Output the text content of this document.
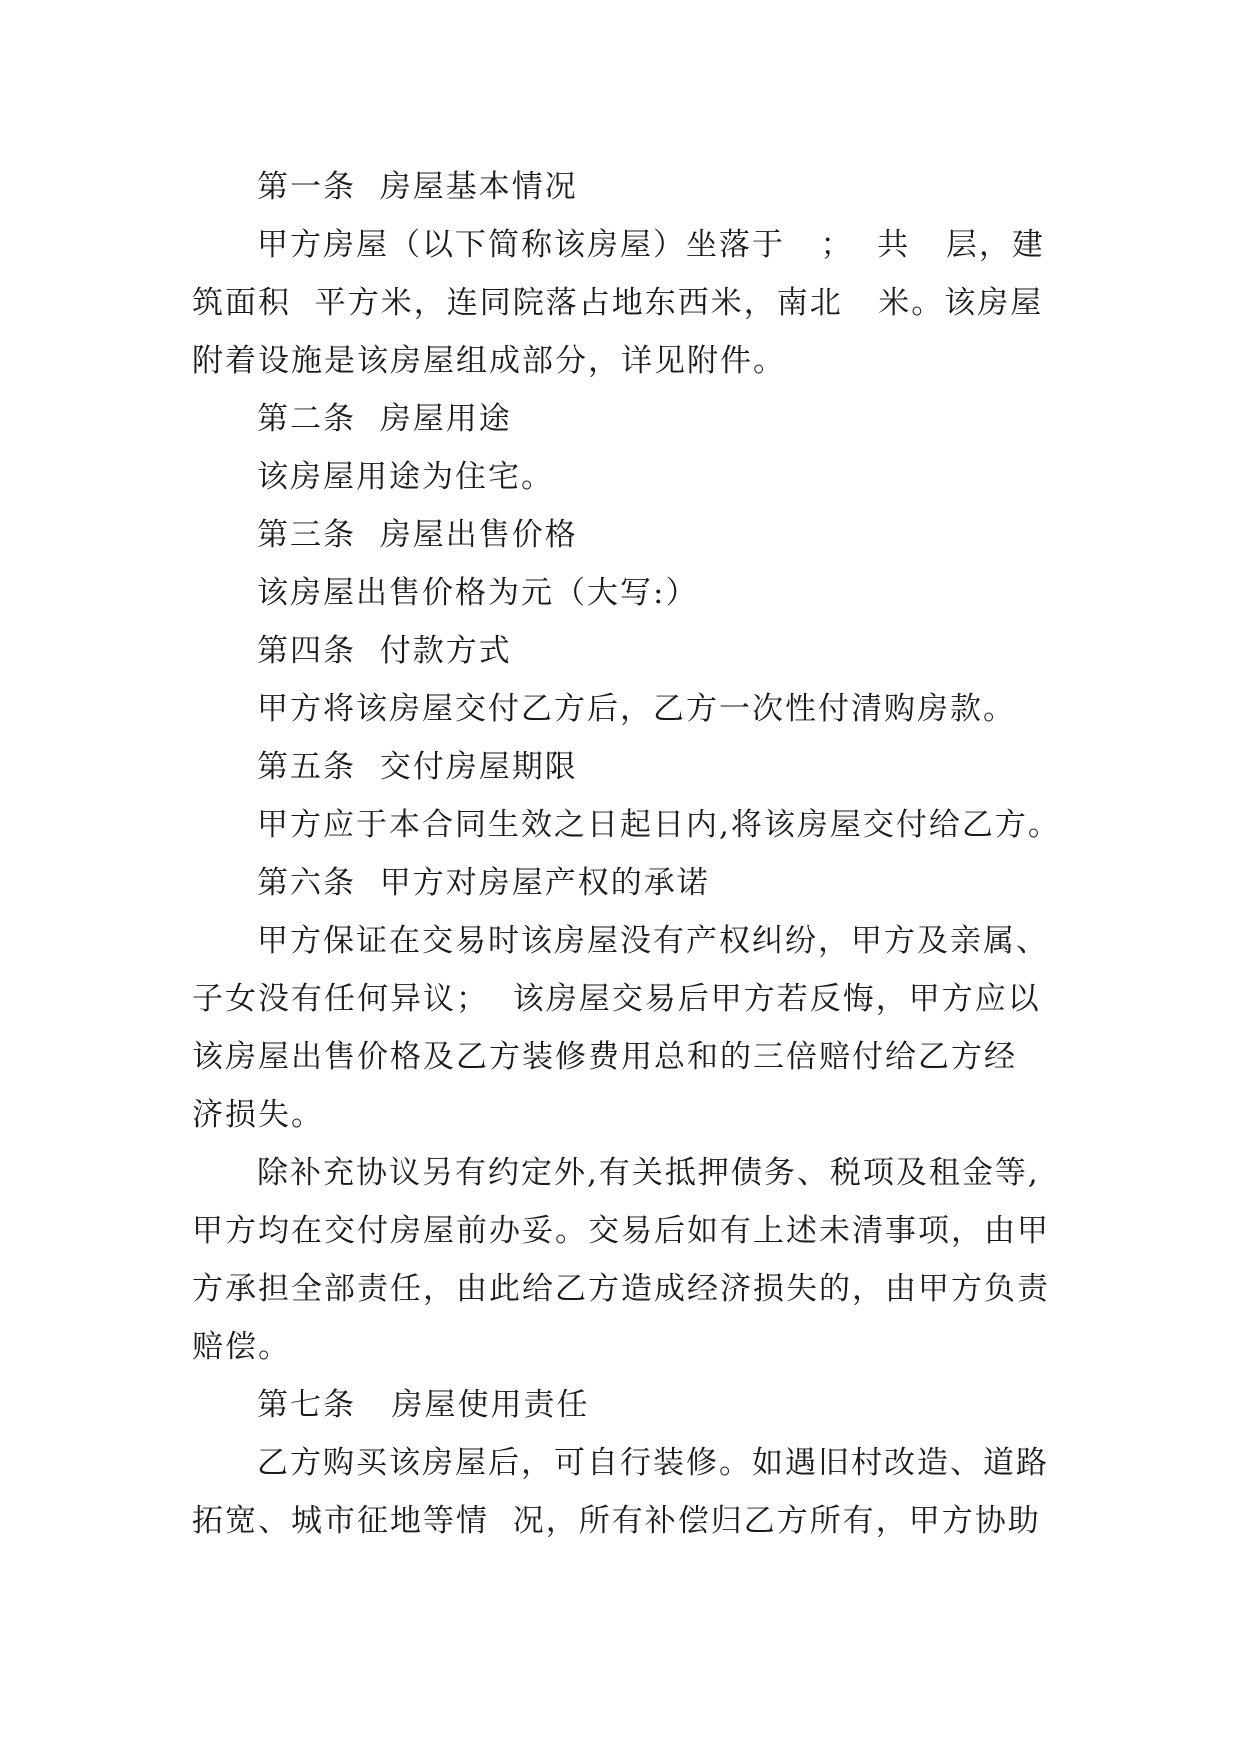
第一条  房屋基本情况
甲方房屋（以下简称该房屋）坐落于   ；  共   层，建
筑面积  平方米，连同院落占地东西米，南北   米。该房屋
附着设施是该房屋组成部分，详见附件。
第二条  房屋用途
该房屋用途为住宅。
第三条  房屋出售价格
该房屋出售价格为元（大写:）
第四条  付款方式
甲方将该房屋交付乙方后，乙方一次性付清购房款。
第五条  交付房屋期限
甲方应于本合同生效之日起日内,将该房屋交付给乙方。
第六条  甲方对房屋产权的承诺
甲方保证在交易时该房屋没有产权纠纷，甲方及亲属、
子女没有任何异议；  该房屋交易后甲方若反悔，甲方应以
该房屋出售价格及乙方装修费用总和的三倍赔付给乙方经
济损失。
除补充协议另有约定外,有关抵押债务、税项及租金等,
甲方均在交付房屋前办妥。交易后如有上述未清事项，由甲
方承担全部责任，由此给乙方造成经济损失的，由甲方负责
赔偿。
第七条   房屋使用责任
乙方购买该房屋后，可自行装修。如遇旧村改造、道路
拓宽、城市征地等情  况，所有补偿归乙方所有，甲方协助
